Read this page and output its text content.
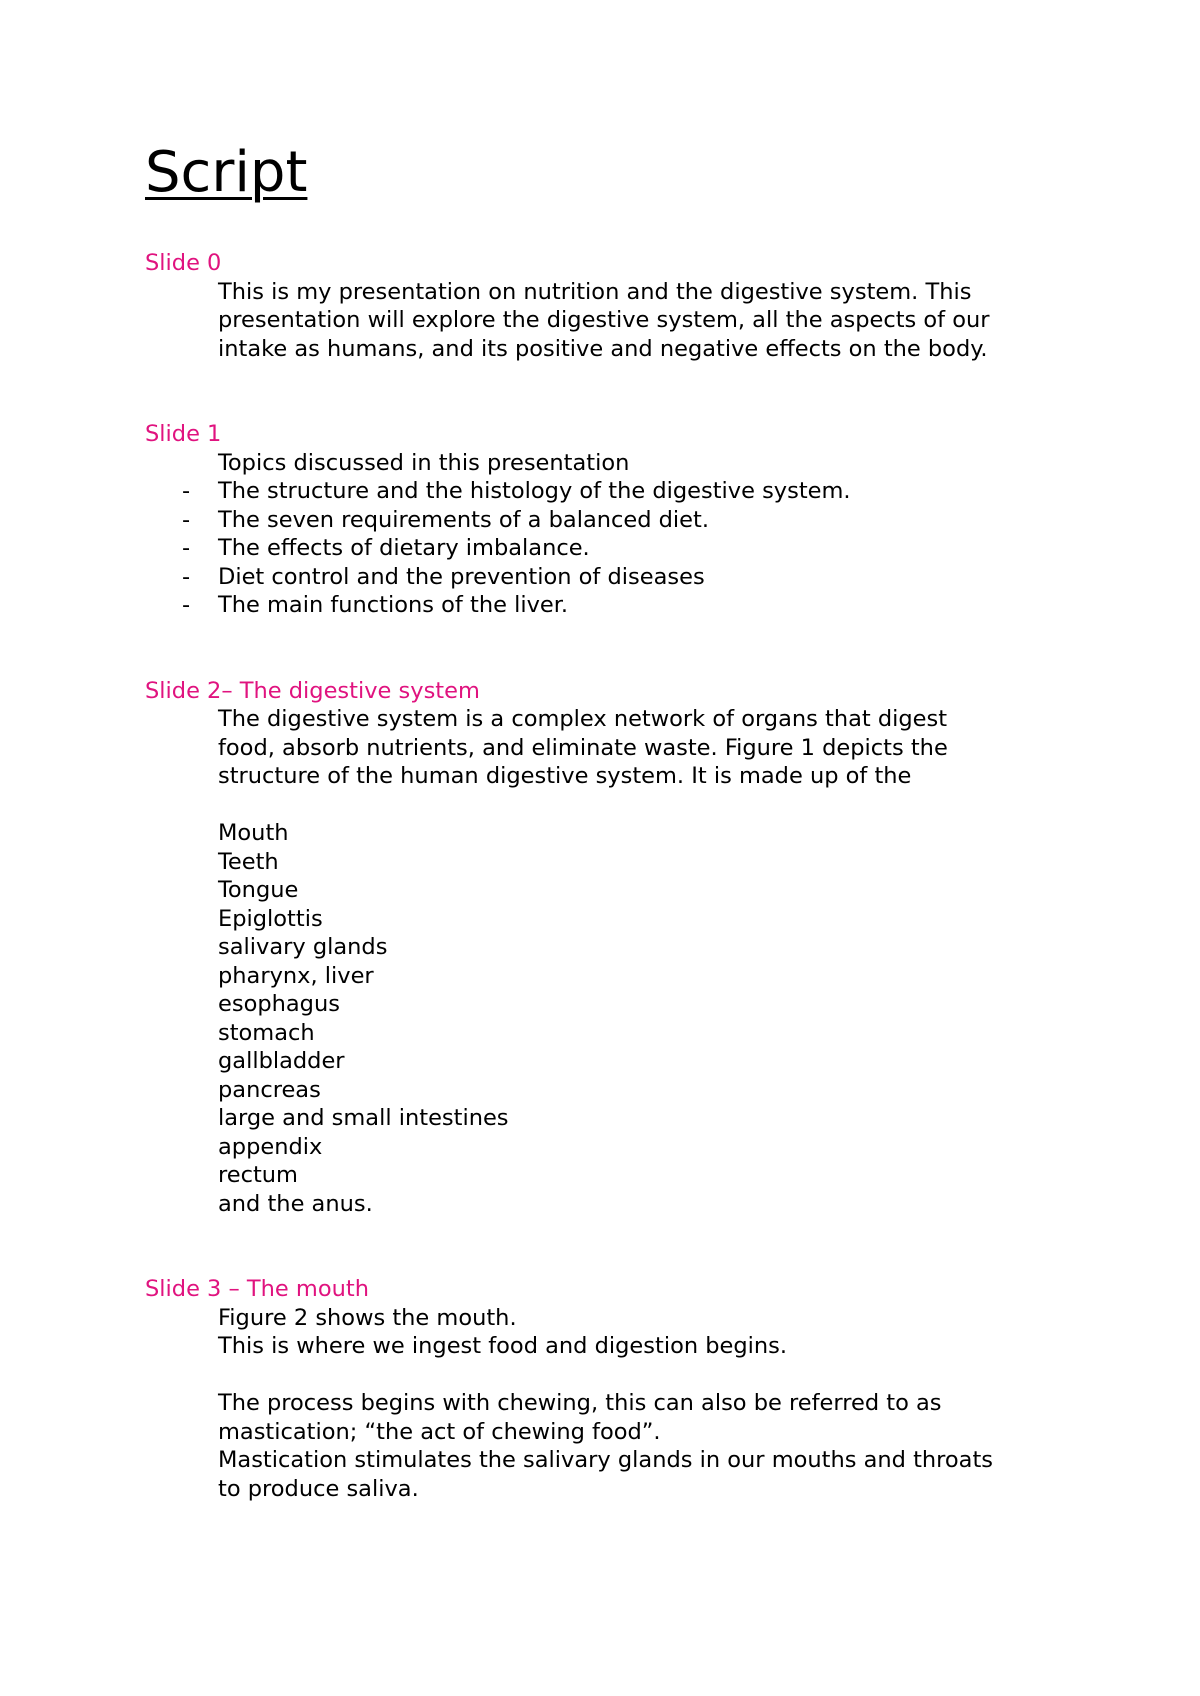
Script
Slide 0
This is my presentation on nutrition and the digestive system. This
presentation will explore the digestive system, all the aspects of our
intake as humans, and its positive and negative effects on the body.
Slide 1
Topics discussed in this presentation
- The structure and the histology of the digestive system.
- The seven requirements of a balanced diet.
- The effects of dietary imbalance.
- Diet control and the prevention of diseases
- The main functions of the liver.
Slide 2– The digestive system
The digestive system is a complex network of organs that digest
food, absorb nutrients, and eliminate waste. Figure 1 depicts the
structure of the human digestive system. It is made up of the
Mouth
Teeth
Tongue
Epiglottis
salivary glands
pharynx, liver
esophagus
stomach
gallbladder
pancreas
large and small intestines
appendix
rectum
and the anus.
Slide 3 – The mouth
Figure 2 shows the mouth.
This is where we ingest food and digestion begins.
The process begins with chewing, this can also be referred to as
mastication; “the act of chewing food”.
Mastication stimulates the salivary glands in our mouths and throats
to produce saliva.
